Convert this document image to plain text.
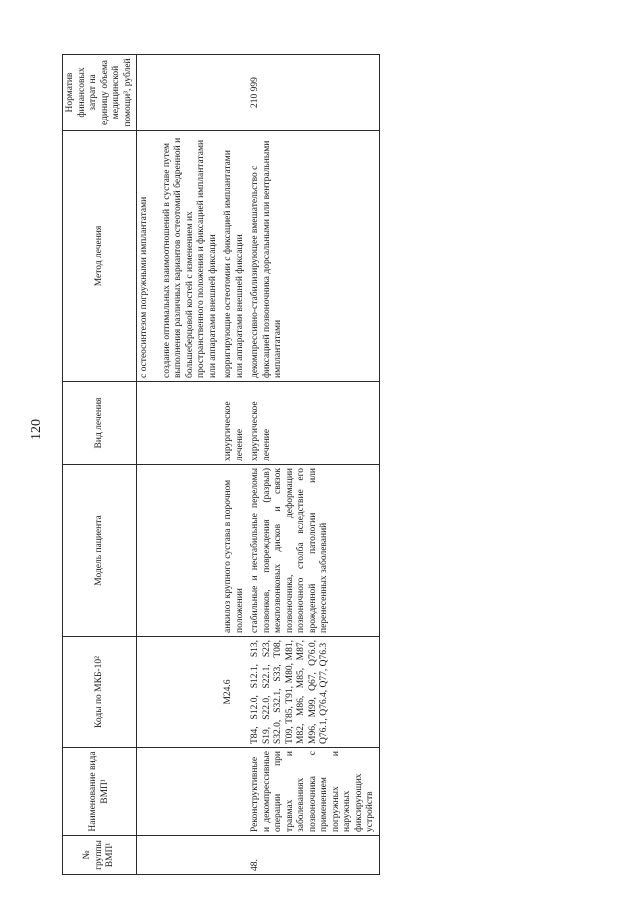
120
№ группы ВМП¹	Наименование вида ВМП¹	Коды по МКБ-10²	Модель пациента	Вид лечения	Метод лечения	Норматив финансовых затрат на единицу объема медицинской помощи³, рублей

					с остеосинтезом погружными имплантатами создание оптимальных взаимоотношений в суставе путем выполнения различных вариантов остеотомий бедренной и большеберцовой костей с изменением их пространственного положения и фиксацией имплантатами или аппаратами внешней фиксации	

		M24.6	анкилоз крупного сустава в порочном положении	хирургическое лечение	корригирующие остеотомии с фиксацией имплантатами или аппаратами внешней фиксации	
48.	Реконструктивные и декомпрессивные операции при травмах и заболеваниях позвоночника с применением погружных и наружных фиксирующих устройств	T84, S12.0, S12.1, S13, S19, S22.0, S22.1, S23, S32.0, S32.1, S33, T08, T09, T85, T91, M80, M81, M82, M86, M85, M87, M96, M99, Q67, Q76.0, Q76.1, Q76.4, Q77, Q76.3	стабильные и нестабильные переломы позвонков, повреждения (разрыв) межпозвонковых дисков и связок позвоночника, деформации позвоночного столба вследствие его врожденной патологии или перенесенных заболеваний	хирургическое лечение	декомпрессивно-стабилизирующее вмешательство с фиксацией позвоночника дорсальными или вентральными имплантатами	210 999
